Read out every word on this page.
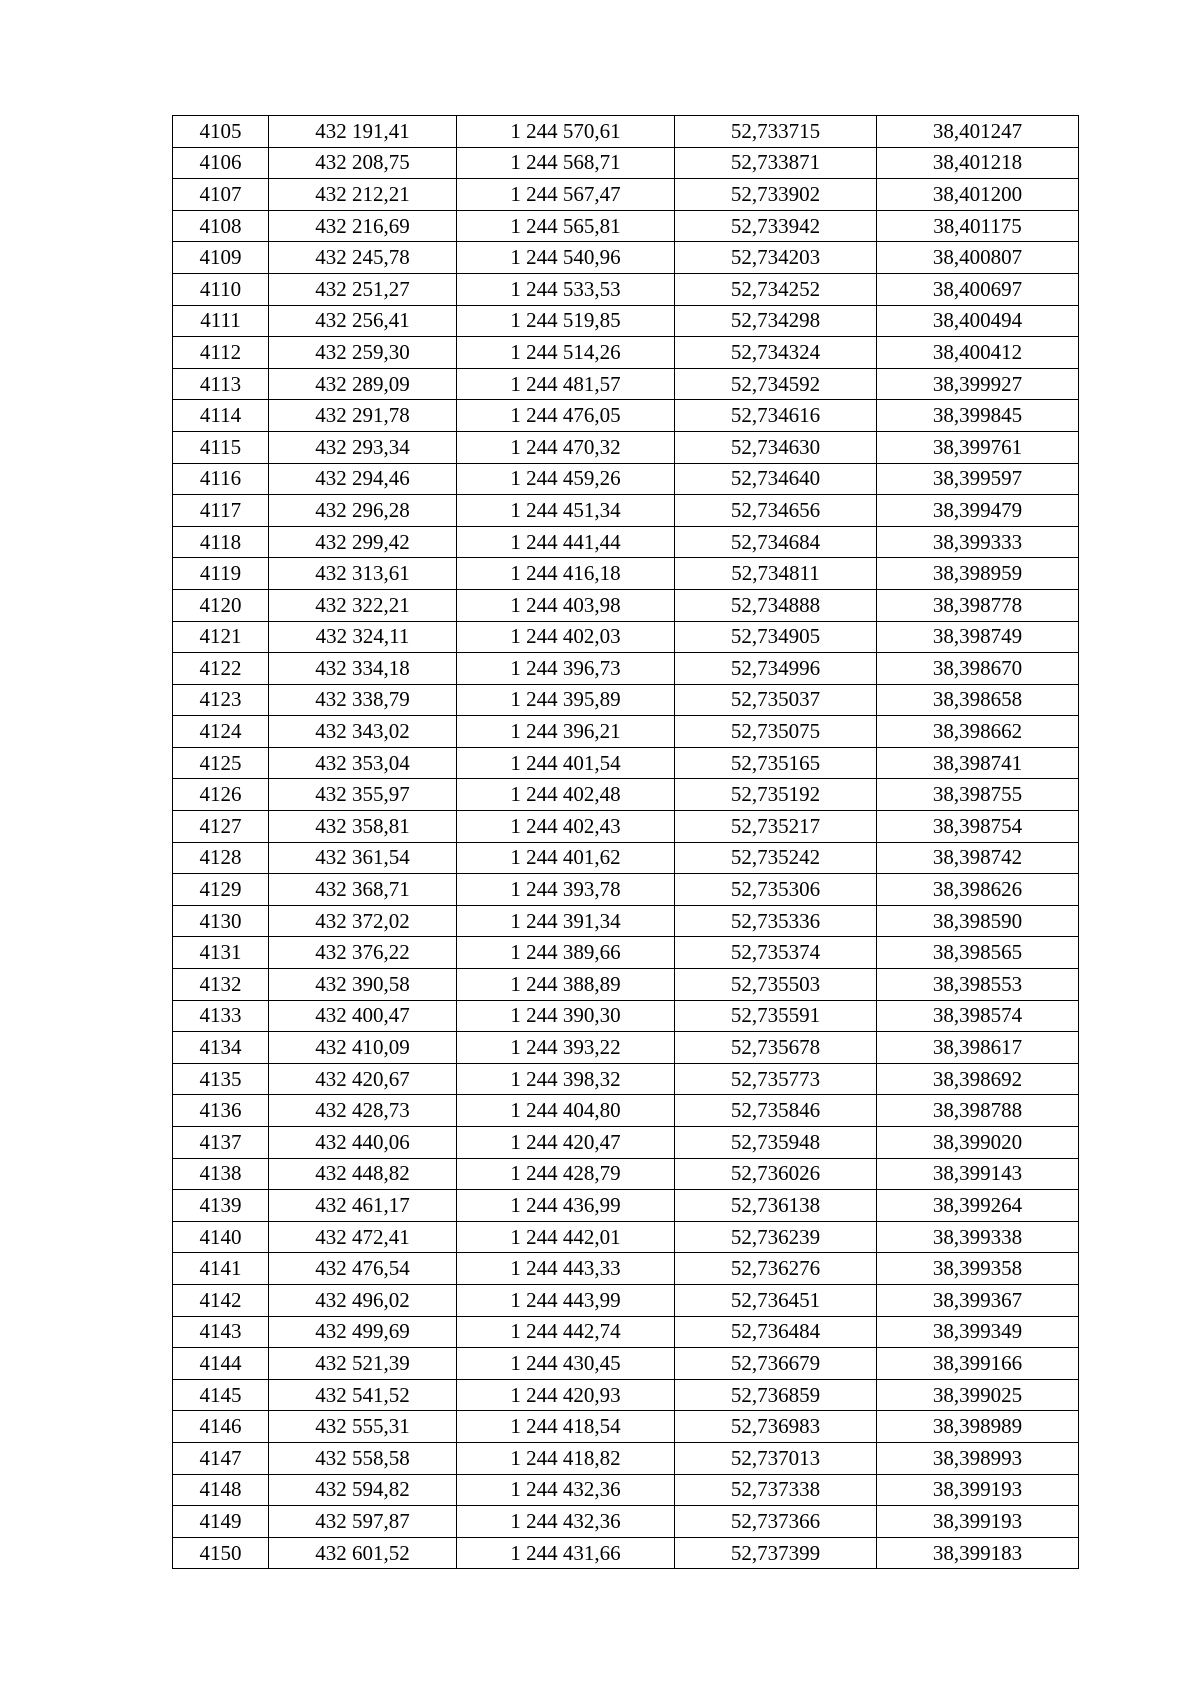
4105	432 191,41	1 244 570,61	52,733715	38,401247
4106	432 208,75	1 244 568,71	52,733871	38,401218
4107	432 212,21	1 244 567,47	52,733902	38,401200
4108	432 216,69	1 244 565,81	52,733942	38,401175
4109	432 245,78	1 244 540,96	52,734203	38,400807
4110	432 251,27	1 244 533,53	52,734252	38,400697
4111	432 256,41	1 244 519,85	52,734298	38,400494
4112	432 259,30	1 244 514,26	52,734324	38,400412
4113	432 289,09	1 244 481,57	52,734592	38,399927
4114	432 291,78	1 244 476,05	52,734616	38,399845
4115	432 293,34	1 244 470,32	52,734630	38,399761
4116	432 294,46	1 244 459,26	52,734640	38,399597
4117	432 296,28	1 244 451,34	52,734656	38,399479
4118	432 299,42	1 244 441,44	52,734684	38,399333
4119	432 313,61	1 244 416,18	52,734811	38,398959
4120	432 322,21	1 244 403,98	52,734888	38,398778
4121	432 324,11	1 244 402,03	52,734905	38,398749
4122	432 334,18	1 244 396,73	52,734996	38,398670
4123	432 338,79	1 244 395,89	52,735037	38,398658
4124	432 343,02	1 244 396,21	52,735075	38,398662
4125	432 353,04	1 244 401,54	52,735165	38,398741
4126	432 355,97	1 244 402,48	52,735192	38,398755
4127	432 358,81	1 244 402,43	52,735217	38,398754
4128	432 361,54	1 244 401,62	52,735242	38,398742
4129	432 368,71	1 244 393,78	52,735306	38,398626
4130	432 372,02	1 244 391,34	52,735336	38,398590
4131	432 376,22	1 244 389,66	52,735374	38,398565
4132	432 390,58	1 244 388,89	52,735503	38,398553
4133	432 400,47	1 244 390,30	52,735591	38,398574
4134	432 410,09	1 244 393,22	52,735678	38,398617
4135	432 420,67	1 244 398,32	52,735773	38,398692
4136	432 428,73	1 244 404,80	52,735846	38,398788
4137	432 440,06	1 244 420,47	52,735948	38,399020
4138	432 448,82	1 244 428,79	52,736026	38,399143
4139	432 461,17	1 244 436,99	52,736138	38,399264
4140	432 472,41	1 244 442,01	52,736239	38,399338
4141	432 476,54	1 244 443,33	52,736276	38,399358
4142	432 496,02	1 244 443,99	52,736451	38,399367
4143	432 499,69	1 244 442,74	52,736484	38,399349
4144	432 521,39	1 244 430,45	52,736679	38,399166
4145	432 541,52	1 244 420,93	52,736859	38,399025
4146	432 555,31	1 244 418,54	52,736983	38,398989
4147	432 558,58	1 244 418,82	52,737013	38,398993
4148	432 594,82	1 244 432,36	52,737338	38,399193
4149	432 597,87	1 244 432,36	52,737366	38,399193
4150	432 601,52	1 244 431,66	52,737399	38,399183
